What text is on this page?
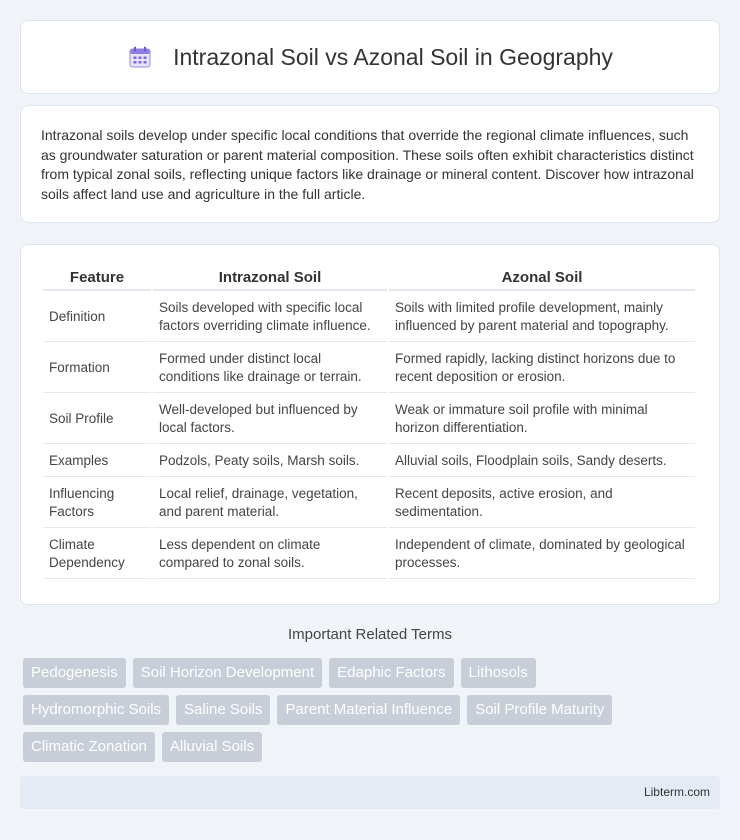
Intrazonal Soil vs Azonal Soil in Geography

Intrazonal soils develop under specific local conditions that override the regional climate influences, such as groundwater saturation or parent material composition. These soils often exhibit characteristics distinct from typical zonal soils, reflecting unique factors like drainage or mineral content. Discover how intrazonal soils affect land use and agriculture in the full article.

Feature	Intrazonal Soil	Azonal Soil
Definition	Soils developed with specific local factors overriding climate influence.	Soils with limited profile development, mainly influenced by parent material and topography.
Formation	Formed under distinct local conditions like drainage or terrain.	Formed rapidly, lacking distinct horizons due to recent deposition or erosion.
Soil Profile	Well-developed but influenced by local factors.	Weak or immature soil profile with minimal horizon differentiation.
Examples	Podzols, Peaty soils, Marsh soils.	Alluvial soils, Floodplain soils, Sandy deserts.
Influencing Factors	Local relief, drainage, vegetation, and parent material.	Recent deposits, active erosion, and sedimentation.
Climate Dependency	Less dependent on climate compared to zonal soils.	Independent of climate, dominated by geological processes.
Important Related Terms
Pedogenesis	Soil Horizon Development	Edaphic Factors	Lithosols
Hydromorphic Soils	Saline Soils	Parent Material Influence	Soil Profile Maturity
Climatic Zonation	Alluvial Soils
Libterm.com
